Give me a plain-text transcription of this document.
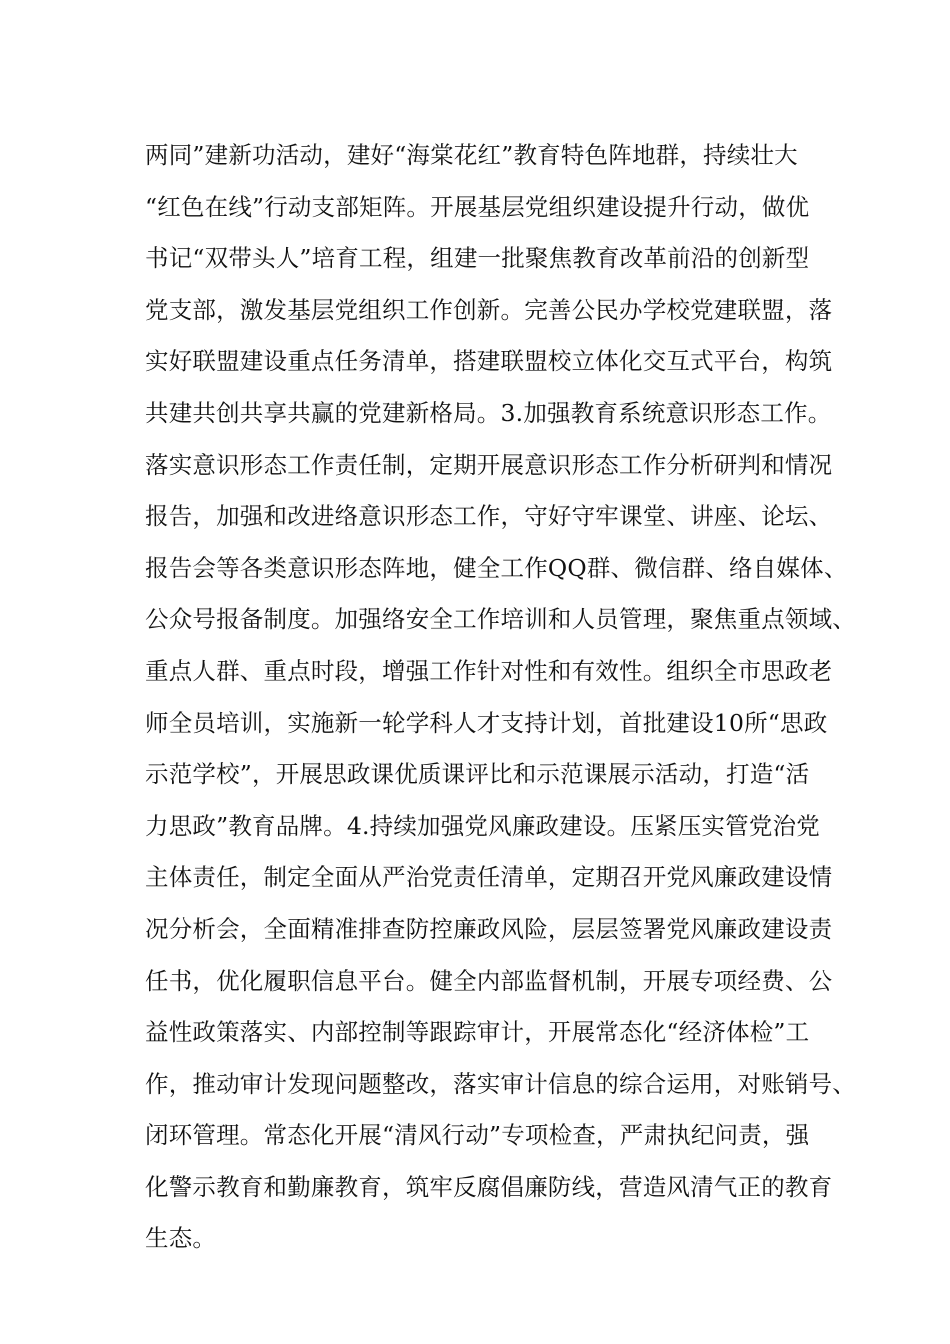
两同”建新功活动，建好“海棠花红”教育特色阵地群，持续壮大
“红色在线”行动支部矩阵。开展基层党组织建设提升行动，做优
书记“双带头人”培育工程，组建一批聚焦教育改革前沿的创新型
党支部，激发基层党组织工作创新。完善公民办学校党建联盟，落
实好联盟建设重点任务清单，搭建联盟校立体化交互式平台，构筑
共建共创共享共赢的党建新格局。3.加强教育系统意识形态工作。
落实意识形态工作责任制，定期开展意识形态工作分析研判和情况
报告，加强和改进络意识形态工作，守好守牢课堂、讲座、论坛、
报告会等各类意识形态阵地，健全工作QQ群、微信群、络自媒体、
公众号报备制度。加强络安全工作培训和人员管理，聚焦重点领域、
重点人群、重点时段，增强工作针对性和有效性。组织全市思政老
师全员培训，实施新一轮学科人才支持计划，首批建设10所“思政
示范学校”，开展思政课优质课评比和示范课展示活动，打造“活
力思政”教育品牌。4.持续加强党风廉政建设。压紧压实管党治党
主体责任，制定全面从严治党责任清单，定期召开党风廉政建设情
况分析会，全面精准排查防控廉政风险，层层签署党风廉政建设责
任书，优化履职信息平台。健全内部监督机制，开展专项经费、公
益性政策落实、内部控制等跟踪审计，开展常态化“经济体检”工
作，推动审计发现问题整改，落实审计信息的综合运用，对账销号、
闭环管理。常态化开展“清风行动”专项检查，严肃执纪问责，强
化警示教育和勤廉教育，筑牢反腐倡廉防线，营造风清气正的教育
生态。
